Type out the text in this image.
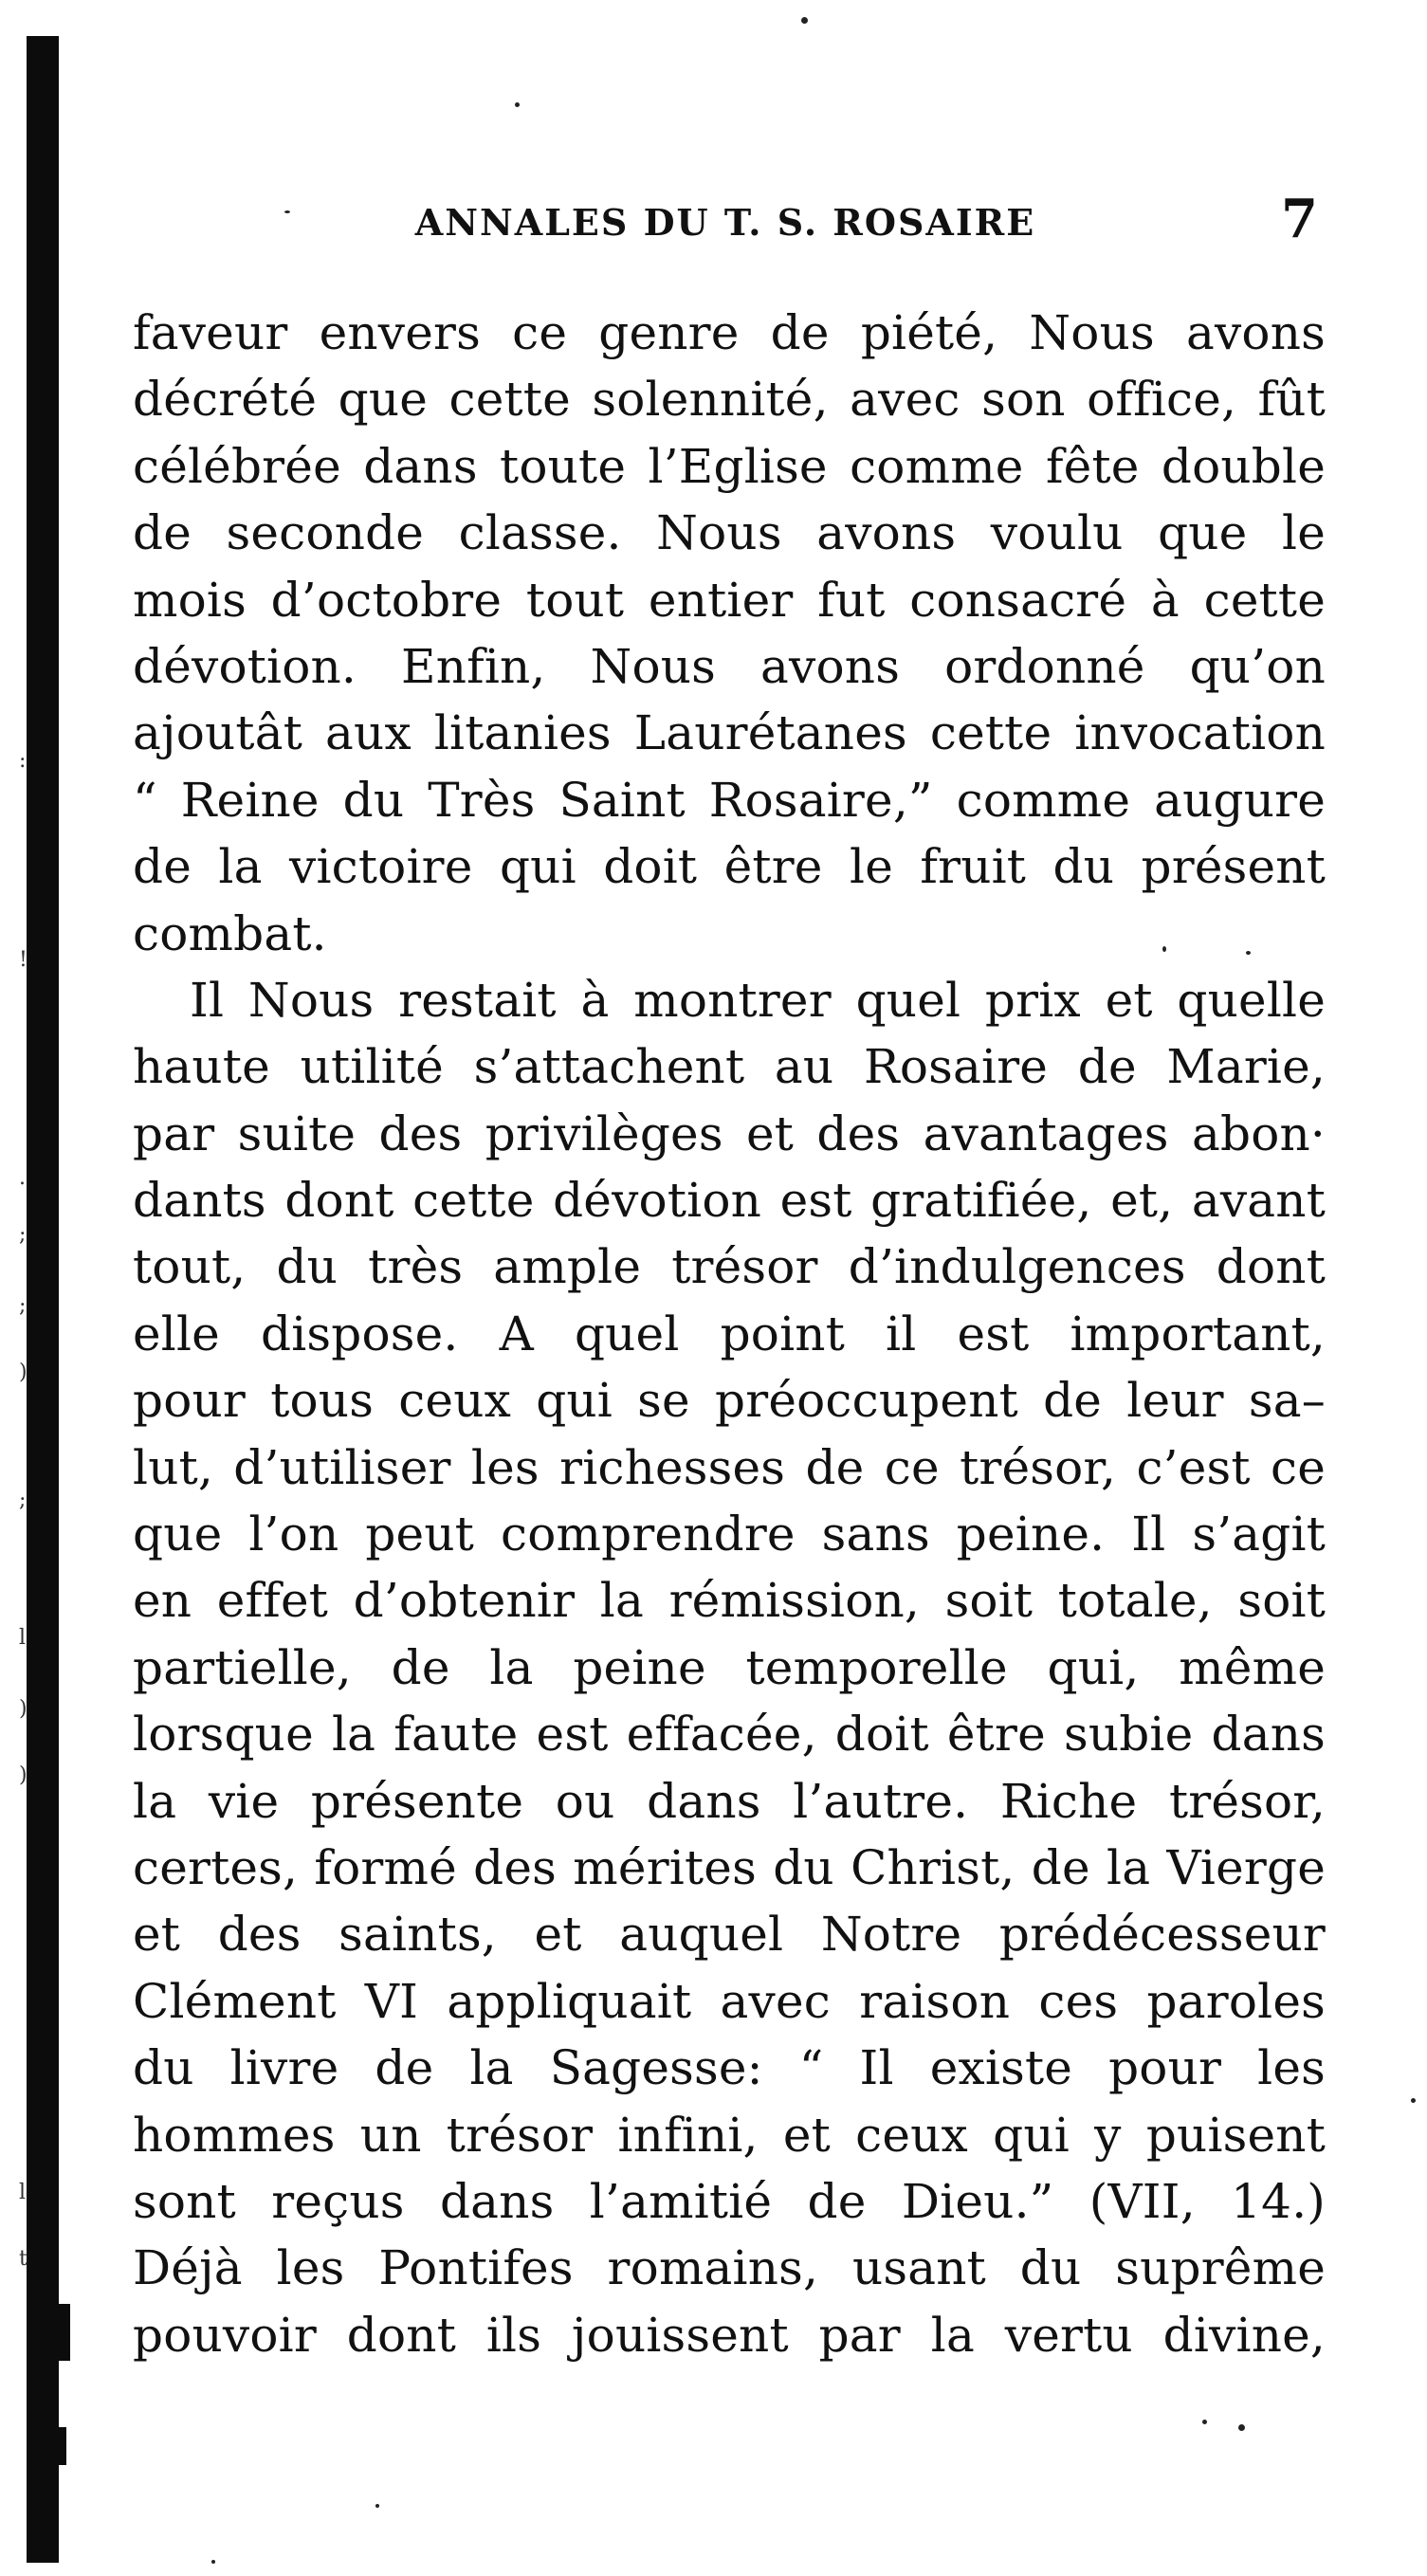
:
!
.
;
;
)
;
l
)
)
l
t
ANNALES DU T. S. ROSAIRE	7
faveur envers ce genre de piété, Nous avons
décrété que cette solennité, avec son office, fût
célébrée dans toute l’Eglise comme fête double
de seconde classe. Nous avons voulu que le
mois d’octobre tout entier fut consacré à cette
dévotion. Enfin, Nous avons ordonné qu’on
ajoutât aux litanies Laurétanes cette invocation
“ Reine du Très Saint Rosaire,” comme augure
de la victoire qui doit être le fruit du présent
combat.
Il Nous restait à montrer quel prix et quelle
haute utilité s’attachent au Rosaire de Marie,
par suite des privilèges et des avantages abon·
dants dont cette dévotion est gratifiée, et, avant
tout, du très ample trésor d’indulgences dont
elle dispose. A quel point il est important,
pour tous ceux qui se préoccupent de leur sa–
lut, d’utiliser les richesses de ce trésor, c’est ce
que l’on peut comprendre sans peine. Il s’agit
en effet d’obtenir la rémission, soit totale, soit
partielle, de la peine temporelle qui, même
lorsque la faute est effacée, doit être subie dans
la vie présente ou dans l’autre. Riche trésor,
certes, formé des mérites du Christ, de la Vierge
et des saints, et auquel Notre prédécesseur
Clément VI appliquait avec raison ces paroles
du livre de la Sagesse: “ Il existe pour les
hommes un trésor infini, et ceux qui y puisent
sont reçus dans l’amitié de Dieu.” (VII, 14.)
Déjà les Pontifes romains, usant du suprême
pouvoir dont ils jouissent par la vertu divine,
